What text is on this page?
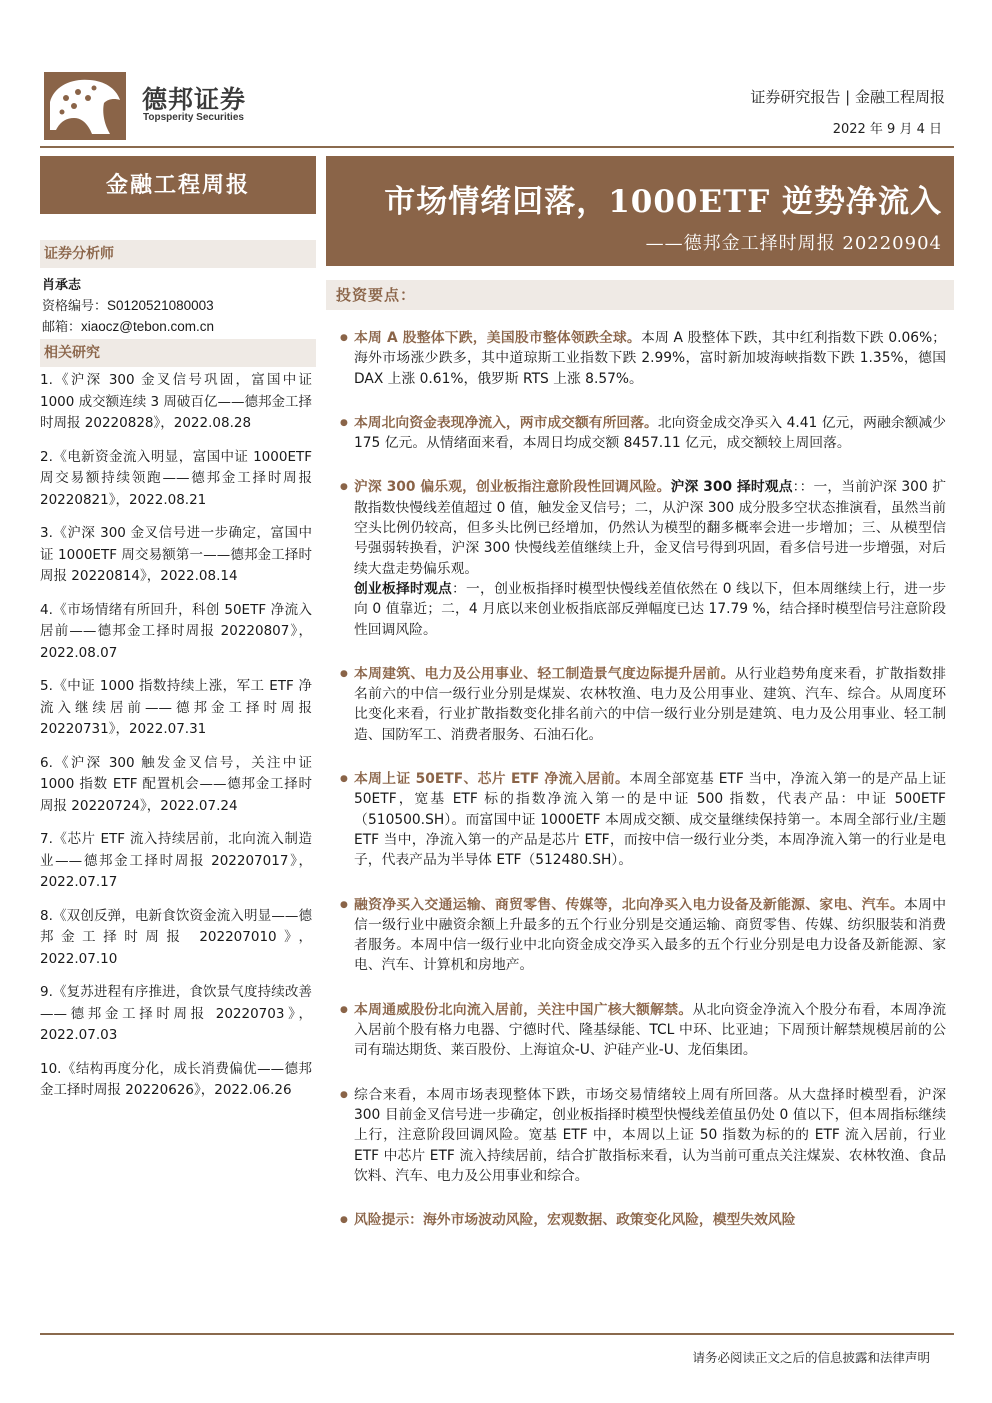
德邦证券
Topsperity Securities
证券研究报告 | 金融工程周报
2022 年 9 月 4 日
金融工程周报	市场情绪回落，1000ETF 逆势净流入
——德邦金工择时周报 20220904
证券分析师
肖承志
资格编号：S0120521080003
邮箱：xiaocz@tebon.com.cn
相关研究
1.《沪深 300 金叉信号巩固，富国中证 1000 成交额连续 3 周破百亿——德邦金工择时周报 20220828》，2022.08.28
2.《电新资金流入明显，富国中证 1000ETF 周交易额持续领跑——德邦金工择时周报 20220821》，2022.08.21
3.《沪深 300 金叉信号进一步确定，富国中证 1000ETF 周交易额第一——德邦金工择时周报 20220814》，2022.08.14
4.《市场情绪有所回升，科创 50ETF 净流入居前——德邦金工择时周报 20220807》，2022.08.07
5.《中证 1000 指数持续上涨，军工 ETF 净流入继续居前——德邦金工择时周报 20220731》，2022.07.31
6.《沪深 300 触发金叉信号，关注中证 1000 指数 ETF 配置机会——德邦金工择时周报 20220724》，2022.07.24
7.《芯片 ETF 流入持续居前，北向流入制造业——德邦金工择时周报 202207017》，2022.07.17
8.《双创反弹，电新食饮资金流入明显——德邦金工择时周报 202207010》，2022.07.10
9.《复苏进程有序推进，食饮景气度持续改善——德邦金工择时周报 20220703》，2022.07.03
10.《结构再度分化，成长消费偏优——德邦金工择时周报 20220626》，2022.06.26
投资要点：
● 本周 A 股整体下跌，美国股市整体领跌全球。本周 A 股整体下跌，其中红利指数下跌 0.06%；海外市场涨少跌多，其中道琼斯工业指数下跌 2.99%，富时新加坡海峡指数下跌 1.35%，德国 DAX 上涨 0.61%，俄罗斯 RTS 上涨 8.57%。
● 本周北向资金表现净流入，两市成交额有所回落。北向资金成交净买入 4.41 亿元，两融余额减少 175 亿元。从情绪面来看，本周日均成交额 8457.11 亿元，成交额较上周回落。
● 沪深 300 偏乐观，创业板指注意阶段性回调风险。沪深 300 择时观点：：一，当前沪深 300 扩散指数快慢线差值超过 0 值，触发金叉信号；二，从沪深 300 成分股多空状态推演看，虽然当前空头比例仍较高，但多头比例已经增加，仍然认为模型的翻多概率会进一步增加；三、从模型信号强弱转换看，沪深 300 快慢线差值继续上升，金叉信号得到巩固，看多信号进一步增强，对后续大盘走势偏乐观。
创业板择时观点：一，创业板指择时模型快慢线差值依然在 0 线以下，但本周继续上行，进一步向 0 值靠近；二，4 月底以来创业板指底部反弹幅度已达 17.79 %，结合择时模型信号注意阶段性回调风险。
● 本周建筑、电力及公用事业、轻工制造景气度边际提升居前。从行业趋势角度来看，扩散指数排名前六的中信一级行业分别是煤炭、农林牧渔、电力及公用事业、建筑、汽车、综合。从周度环比变化来看，行业扩散指数变化排名前六的中信一级行业分别是建筑、电力及公用事业、轻工制造、国防军工、消费者服务、石油石化。
● 本周上证 50ETF、芯片 ETF 净流入居前。本周全部宽基 ETF 当中，净流入第一的是产品上证 50ETF，宽基 ETF 标的指数净流入第一的是中证 500 指数，代表产品：中证 500ETF（510500.SH）。而富国中证 1000ETF 本周成交额、成交量继续保持第一。本周全部行业/主题 ETF 当中，净流入第一的产品是芯片 ETF，而按中信一级行业分类，本周净流入第一的行业是电子，代表产品为半导体 ETF（512480.SH）。
● 融资净买入交通运输、商贸零售、传媒等，北向净买入电力设备及新能源、家电、汽车。本周中信一级行业中融资余额上升最多的五个行业分别是交通运输、商贸零售、传媒、纺织服装和消费者服务。本周中信一级行业中北向资金成交净买入最多的五个行业分别是电力设备及新能源、家电、汽车、计算机和房地产。
● 本周通威股份北向流入居前，关注中国广核大额解禁。从北向资金净流入个股分布看，本周净流入居前个股有格力电器、宁德时代、隆基绿能、TCL 中环、比亚迪；下周预计解禁规模居前的公司有瑞达期货、莱百股份、上海谊众-U、沪硅产业-U、龙佰集团。
● 综合来看，本周市场表现整体下跌，市场交易情绪较上周有所回落。从大盘择时模型看，沪深 300 目前金叉信号进一步确定，创业板指择时模型快慢线差值虽仍处 0 值以下，但本周指标继续上行，注意阶段回调风险。宽基 ETF 中，本周以上证 50 指数为标的的 ETF 流入居前，行业 ETF 中芯片 ETF 流入持续居前，结合扩散指标来看，认为当前可重点关注煤炭、农林牧渔、食品饮料、汽车、电力及公用事业和综合。
● 风险提示：海外市场波动风险，宏观数据、政策变化风险，模型失效风险
请务必阅读正文之后的信息披露和法律声明
